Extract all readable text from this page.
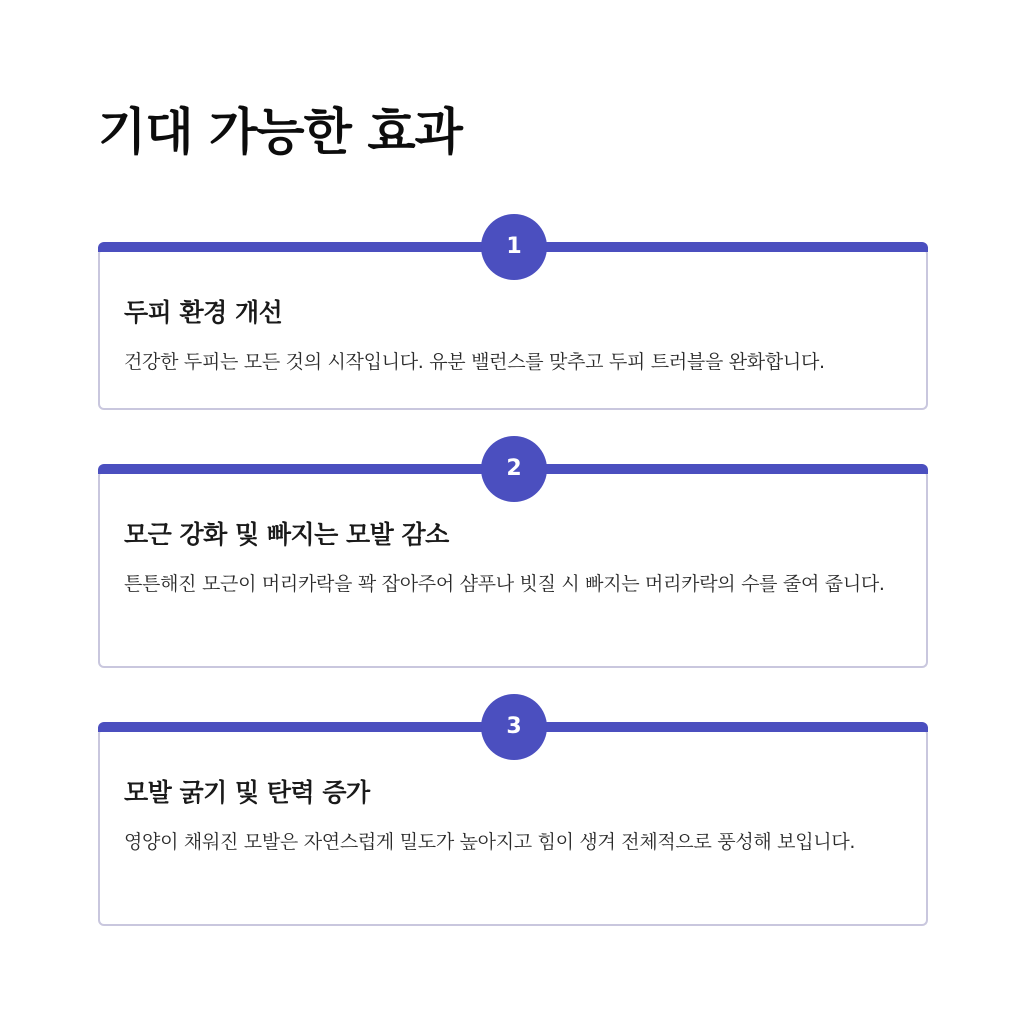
기대 가능한 효과
1
두피 환경 개선

건강한 두피는 모든 것의 시작입니다. 유분 밸런스를 맞추고 두피 트러블을 완화합니다.

2
모근 강화 및 빠지는 모발 감소

튼튼해진 모근이 머리카락을 꽉 잡아주어 샴푸나 빗질 시 빠지는 머리카락의 수를 줄여 줍니다.

3
모발 굵기 및 탄력 증가

영양이 채워진 모발은 자연스럽게 밀도가 높아지고 힘이 생겨 전체적으로 풍성해 보입니다.
